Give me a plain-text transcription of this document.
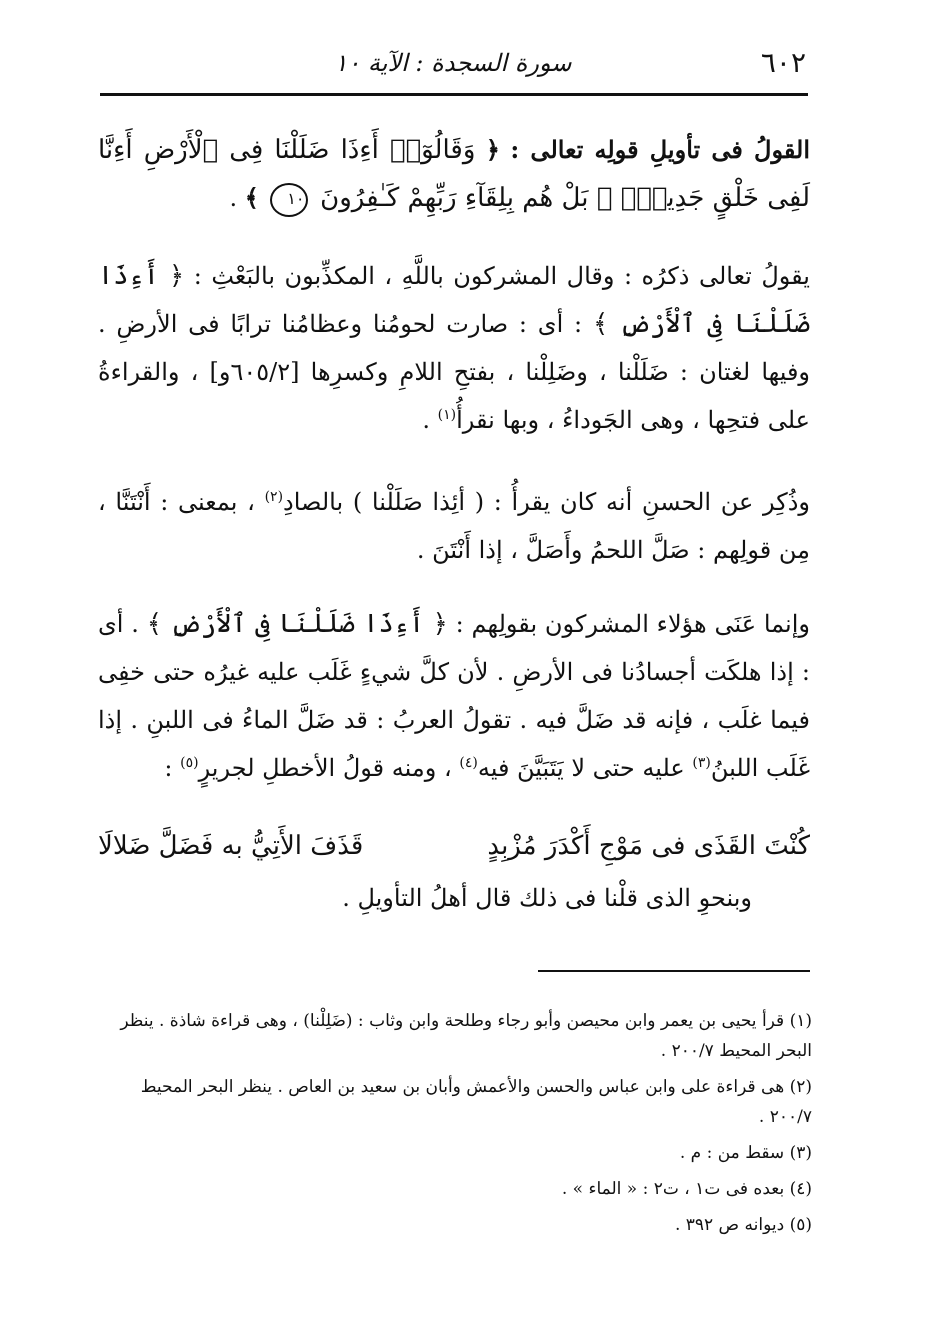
٦٠٢
سورة السجدة : الآية ١٠
القولُ فى تأويلِ قولِه تعالى : ﴿ وَقَالُوٓا۟ أَءِذَا ضَلَلْنَا فِى ٱلْأَرْضِ أَءِنَّا لَفِى خَلْقٍ جَدِيدٍۭ ۚ بَلْ هُم بِلِقَآءِ رَبِّهِمْ كَـٰفِرُونَ ١٠ ﴾ .
يقولُ تعالى ذكرُه : وقال المشركون باللَّهِ ، المكذِّبون بالبَعْثِ : ﴿ أَءِذَا ضَلَلْنَا فِى ٱلْأَرْضِ ﴾ : أى : صارت لحومُنا وعظامُنا ترابًا فى الأرضِ . وفيها لغتان : ضَلَلْنا ، وضَلِلْنا ، بفتحِ اللامِ وكسرِها [٦٠٥/٢و] ، والقراءةُ على فتحِها ، وهى الجَوداءُ ، وبها نقرأُ$^{(١)}$ .
وذُكِر عن الحسنِ أنه كان يقرأُ : ( أئِذا صَلَلْنا ) بالصادِ$^{(٢)}$ ، بمعنى : أَنْتَنَّا ، مِن قولِهم : صَلَّ اللحمُ وأَصَلَّ ، إذا أَنْتَنَ .
وإنما عَنَى هؤلاء المشركون بقولِهم : ﴿ أَءِذَا ضَلَلْنَا فِى ٱلْأَرْضِ ﴾ . أى : إذا هلكَت أجسادُنا فى الأرضِ . لأن كلَّ شيءٍ غَلَب عليه غيرُه حتى خفِى فيما غلَب ، فإنه قد ضَلَّ فيه . تقولُ العربُ : قد ضَلَّ الماءُ فى اللبنِ . إذا غَلَب اللبنُ$^{(٣)}$ عليه حتى لا يَتَبَيَّنَ فيه$^{(٤)}$ ، ومنه قولُ الأخطلِ لجريرٍ$^{(٥)}$ :
كُنْتَ القَذَى فى مَوْجِ أَكْدَرَ مُزْبِدٍ
قَذَفَ الأَتِيُّ به فَضَلَّ ضَلالَا
وبنحوِ الذى قلْنا فى ذلك قال أهلُ التأويلِ .

(١) قرأ يحيى بن يعمر وابن محيصن وأبو رجاء وطلحة وابن وثاب : (ضَلِلْنا) ، وهى قراءة شاذة . ينظر البحر المحيط ٢٠٠/٧ .

(٢) هى قراءة على وابن عباس والحسن والأعمش وأبان بن سعيد بن العاص . ينظر البحر المحيط ٢٠٠/٧ .

(٣) سقط من : م .

(٤) بعده فى ت١ ، ت٢ : « الماء » .

(٥) ديوانه ص ٣٩٢ .
